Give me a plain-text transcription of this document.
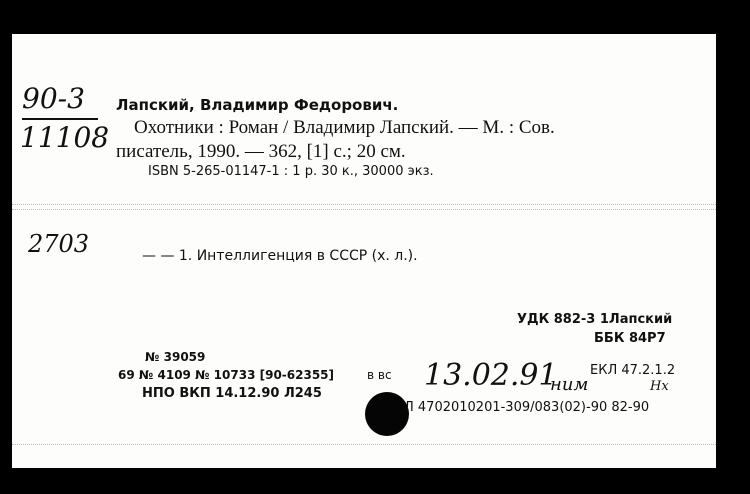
90-3
11108
Лапский, Владимир Федорович.
Охотники : Роман / Владимир Лапский. — М. : Сов.
писатель, 1990. — 362, [1] с.; 20 см.
ISBN 5-265-01147-1 : 1 р. 30 к., 30000 экз.
2703	— — 1. Интеллигенция в СССР (х. л.).
УДК 882-3 1Лапский
ББК 84Р7
№ 39059
69 № 4109 № 10733 [90-62355]	в вс
НПО ВКП 14.12.90 Л245
13.02.91
ним
ЕКЛ 47.2.1.2
Нх
Л 4702010201-309/083(02)-90 82-90
